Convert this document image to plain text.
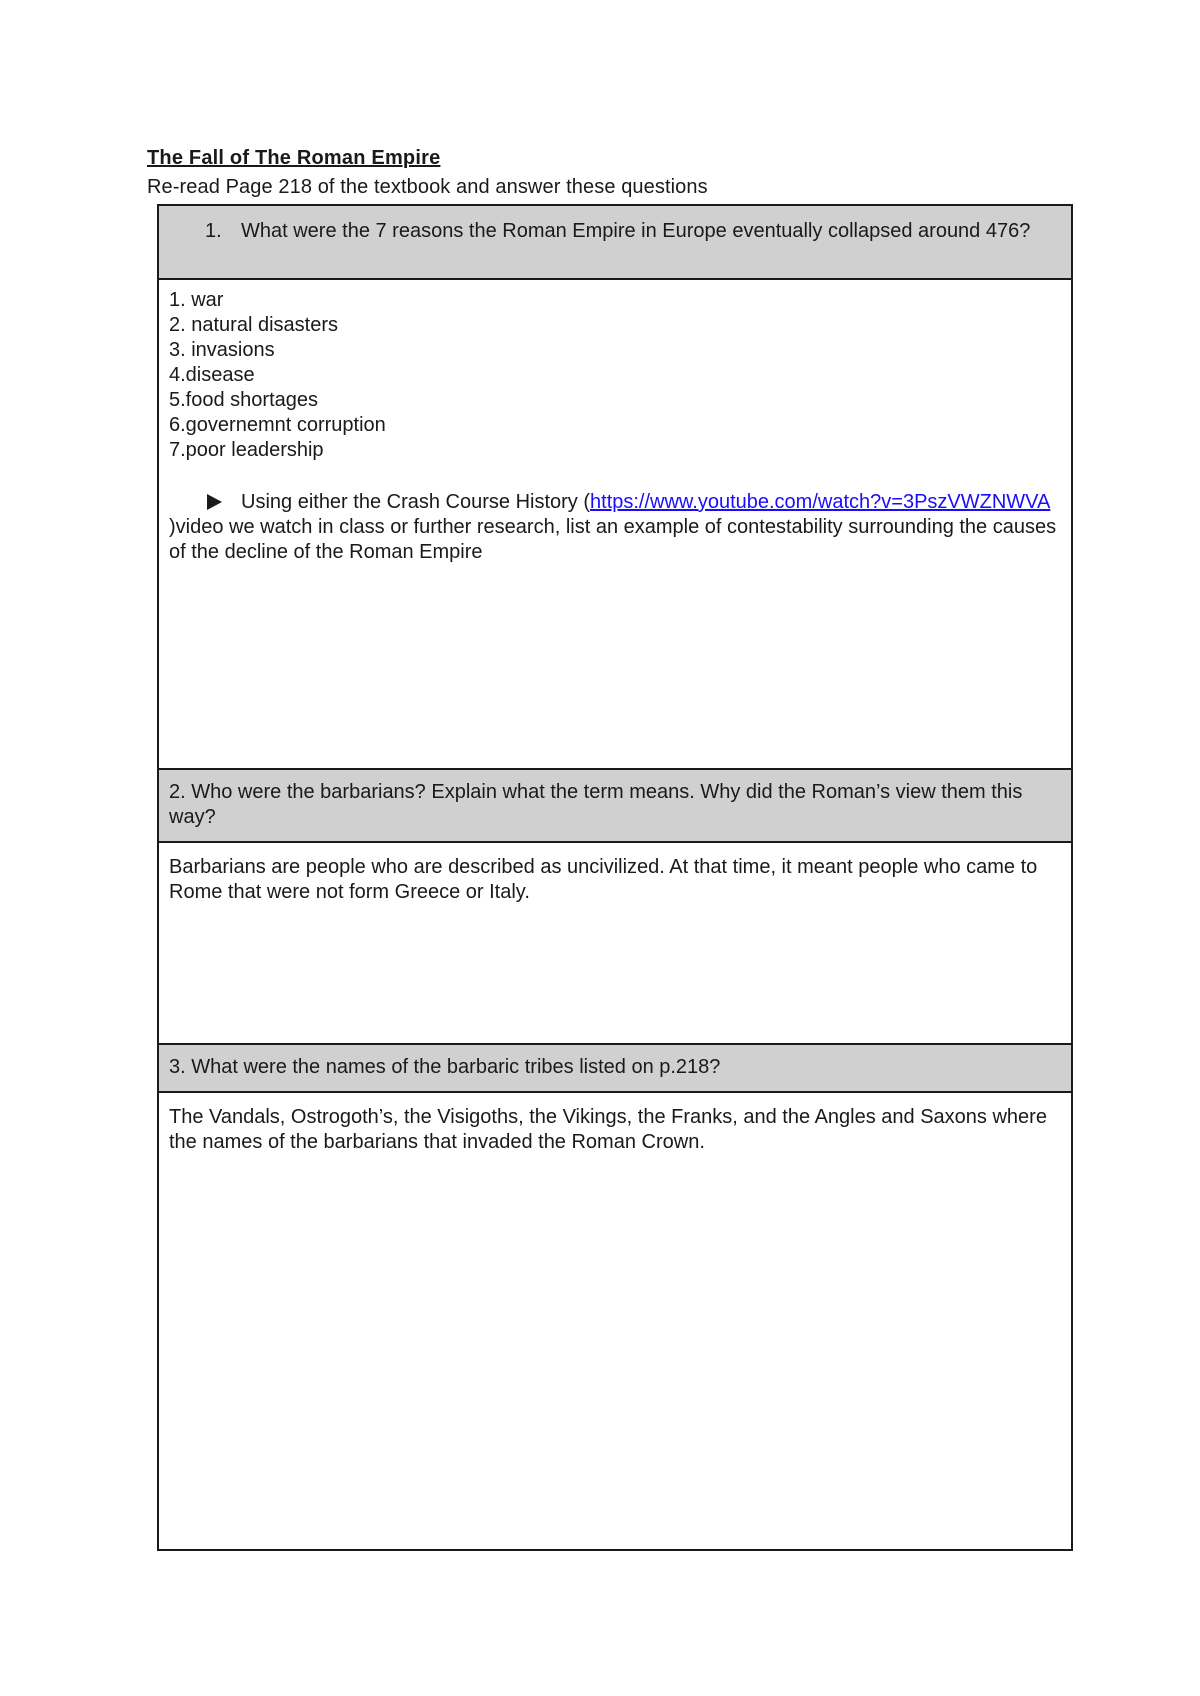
The Fall of The Roman Empire
Re-read Page 218 of the textbook and answer these questions
1. What were the 7 reasons the Roman Empire in Europe eventually collapsed around 476?
1. war
2. natural disasters
3. invasions
4.disease
5.food shortages
6.governemnt corruption
7.poor leadership
Using either the Crash Course History (https://www.youtube.com/watch?v=3PszVWZNWVA
)video we watch in class or further research, list an example of contestability surrounding the causes of the decline of the Roman Empire
2. Who were the barbarians? Explain what the term means. Why did the Roman’s view them this way?
Barbarians are people who are described as uncivilized. At that time, it meant people who came to Rome that were not form Greece or Italy.
3. What were the names of the barbaric tribes listed on p.218?
The Vandals, Ostrogoth’s, the Visigoths, the Vikings, the Franks, and the Angles and Saxons where the names of the barbarians that invaded the Roman Crown.
